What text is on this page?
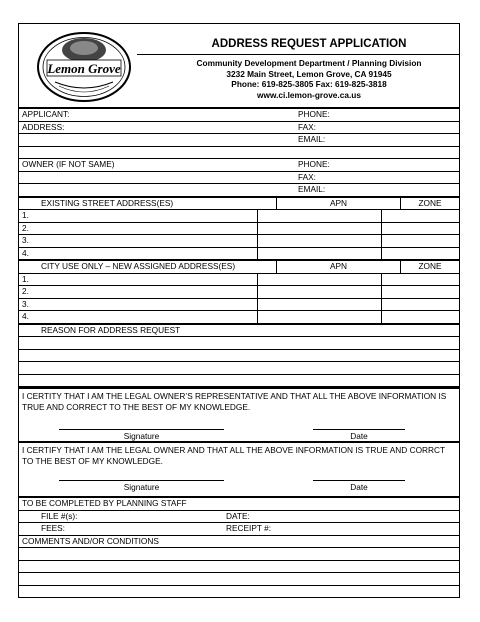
Lemon Grove
ADDRESS REQUEST APPLICATION
Community Development Department / Planning Division
3232 Main Street, Lemon Grove, CA 91945
Phone: 619-825-3805 Fax: 619-825-3818
www.ci.lemon-grove.ca.us
APPLICANT:	PHONE:
ADDRESS:	FAX:
EMAIL:
OWNER (IF NOT SAME)	PHONE:
FAX:
EMAIL:
EXISTING STREET ADDRESS(ES)	APN	ZONE
1.
2.
3.
4.
CITY USE ONLY – NEW ASSIGNED ADDRESS(ES)	APN	ZONE
1.
2.
3.
4.
REASON FOR ADDRESS REQUEST
I CERTITY THAT I AM THE LEGAL OWNER’S REPRESENTATIVE AND THAT ALL THE ABOVE INFORMATION IS TRUE AND CORRECT TO THE BEST OF MY KNOWLEDGE.
Signature	Date
I CERTIFY THAT I AM THE LEGAL OWNER AND THAT ALL THE ABOVE INFORMATION IS TRUE AND CORRCT TO THE BEST OF MY KNOWLEDGE.
Signature	Date
TO BE COMPLETED BY PLANNING STAFF
FILE #(s):	DATE:
FEES:	RECEIPT #:
COMMENTS AND/OR CONDITIONS
